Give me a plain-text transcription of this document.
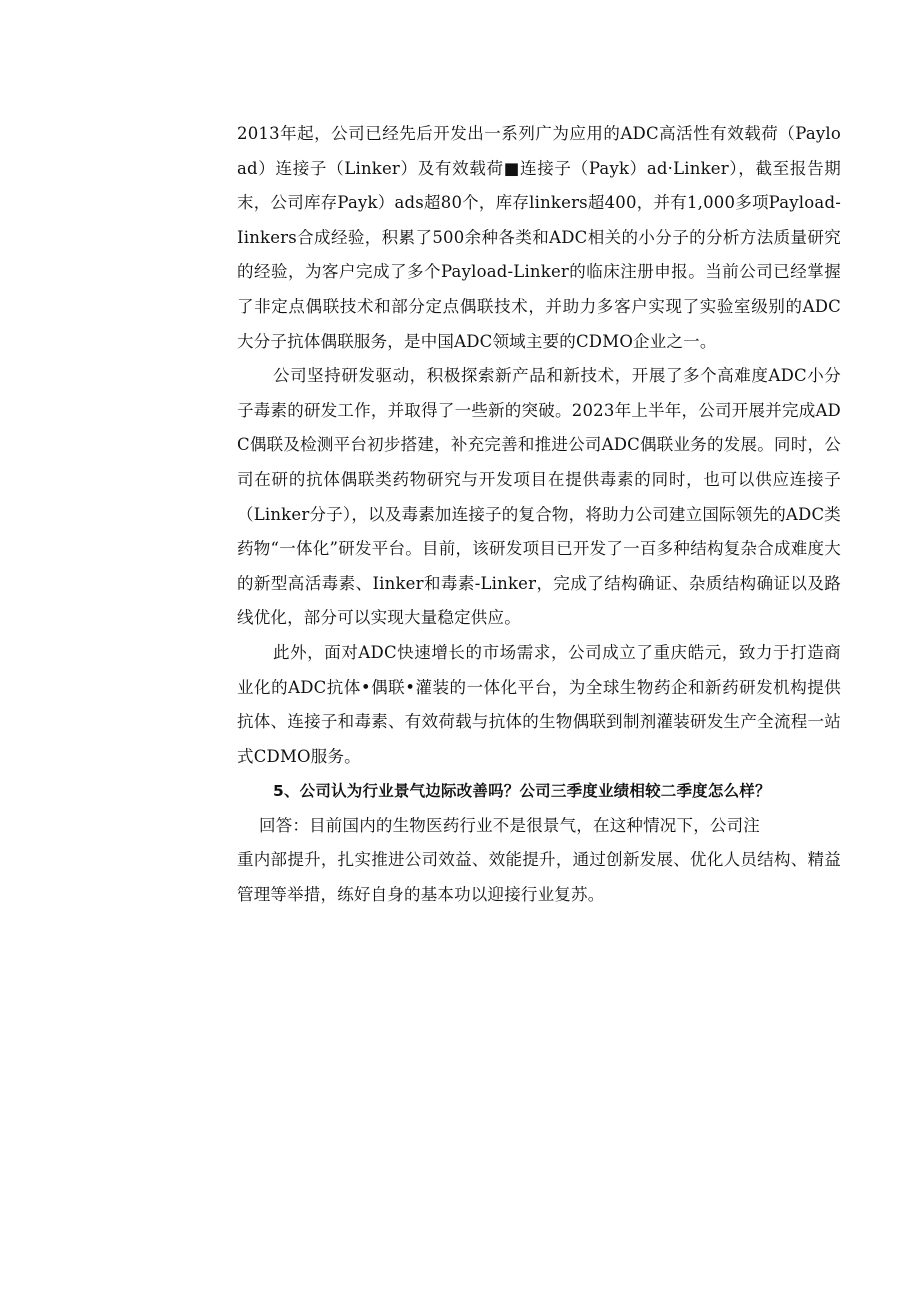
2013年起，公司已经先后开发出一系列广为应用的ADC高活性有效载荷（Payload）连接子（Linker）及有效载荷■连接子（Payk）ad·Linker），截至报告期末，公司库存Payk）ads超80个，库存linkers超400，并有1,000多项Payload-Iinkers合成经验，积累了500余种各类和ADC相关的小分子的分析方法质量研究的经验，为客户完成了多个Payload-Linker的临床注册申报。当前公司已经掌握了非定点偶联技术和部分定点偶联技术，并助力多客户实现了实验室级别的ADC大分子抗体偶联服务，是中国ADC领域主要的CDMO企业之一。

公司坚持研发驱动，积极探索新产品和新技术，开展了多个高难度ADC小分子毒素的研发工作，并取得了一些新的突破。2023年上半年，公司开展并完成ADC偶联及检测平台初步搭建，补充完善和推进公司ADC偶联业务的发展。同时，公司在研的抗体偶联类药物研究与开发项目在提供毒素的同时，也可以供应连接子（Linker分子），以及毒素加连接子的复合物，将助力公司建立国际领先的ADC类药物“一体化”研发平台。目前，该研发项目已开发了一百多种结构复杂合成难度大的新型高活毒素、Iinker和毒素-Linker，完成了结构确证、杂质结构确证以及路线优化，部分可以实现大量稳定供应。

此外，面对ADC快速增长的市场需求，公司成立了重庆皓元，致力于打造商业化的ADC抗体•偶联•灌装的一体化平台，为全球生物药企和新药研发机构提供抗体、连接子和毒素、有效荷载与抗体的生物偶联到制剂灌装研发生产全流程一站式CDMO服务。

5、公司认为行业景气边际改善吗？公司三季度业绩相较二季度怎么样？

回答：目前国内的生物医药行业不是很景气，在这种情况下，公司注

重内部提升，扎实推进公司效益、效能提升，通过创新发展、优化人员结构、精益管理等举措，练好自身的基本功以迎接行业复苏。
